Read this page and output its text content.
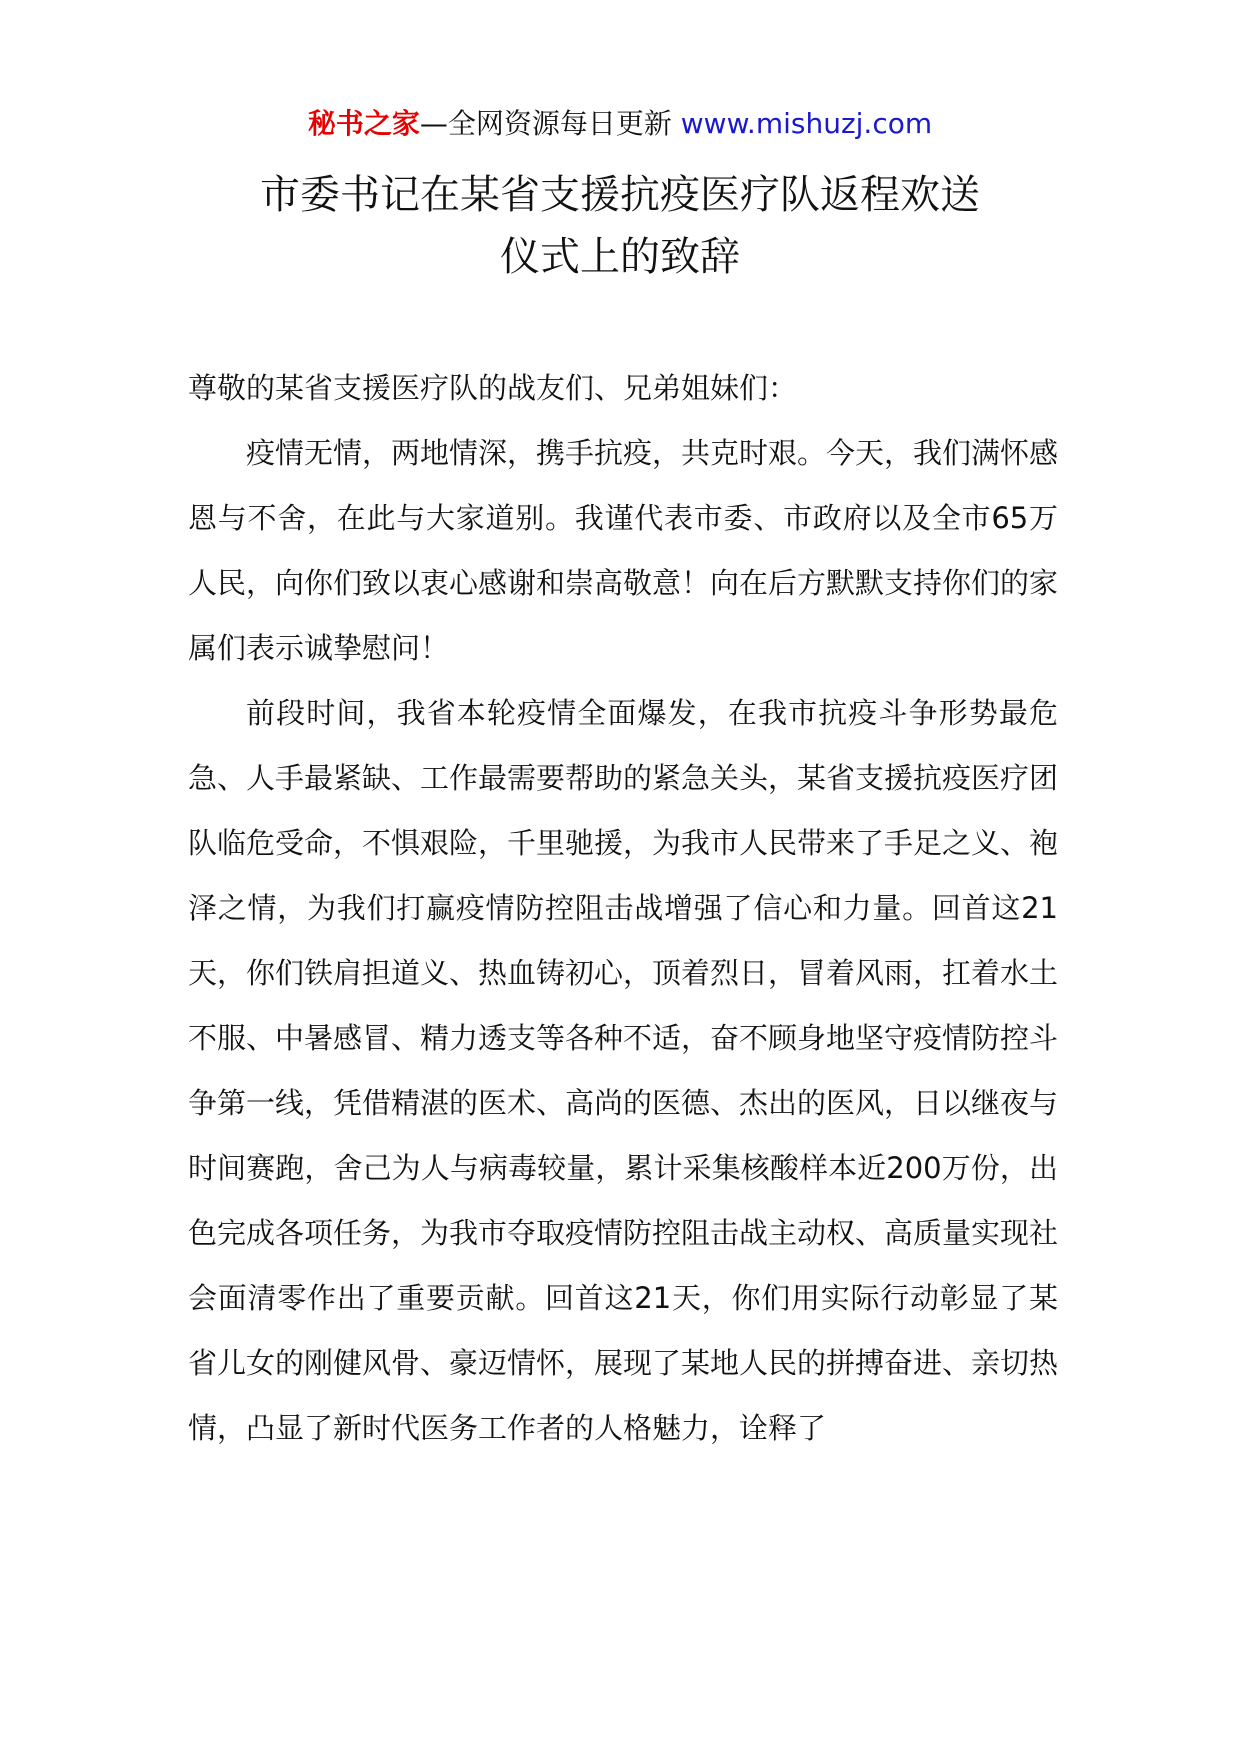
秘书之家—全网资源每日更新 www.mishuzj.com
市委书记在某省支援抗疫医疗队返程欢送
仪式上的致辞

尊敬的某省支援医疗队的战友们、兄弟姐妹们：

疫情无情，两地情深，携手抗疫，共克时艰。今天，我们满怀感恩与不舍，在此与大家道别。我谨代表市委、市政府以及全市65万人民，向你们致以衷心感谢和崇高敬意！向在后方默默支持你们的家属们表示诚挚慰问！

前段时间，我省本轮疫情全面爆发，在我市抗疫斗争形势最危急、人手最紧缺、工作最需要帮助的紧急关头，某省支援抗疫医疗团队临危受命，不惧艰险，千里驰援，为我市人民带来了手足之义、袍泽之情，为我们打赢疫情防控阻击战增强了信心和力量。回首这21天，你们铁肩担道义、热血铸初心，顶着烈日，冒着风雨，扛着水土不服、中暑感冒、精力透支等各种不适，奋不顾身地坚守疫情防控斗争第一线，凭借精湛的医术、高尚的医德、杰出的医风，日以继夜与时间赛跑，舍己为人与病毒较量，累计采集核酸样本近200万份，出色完成各项任务，为我市夺取疫情防控阻击战主动权、高质量实现社会面清零作出了重要贡献。回首这21天，你们用实际行动彰显了某省儿女的刚健风骨、豪迈情怀，展现了某地人民的拼搏奋进、亲切热情，凸显了新时代医务工作者的人格魅力，诠释了
